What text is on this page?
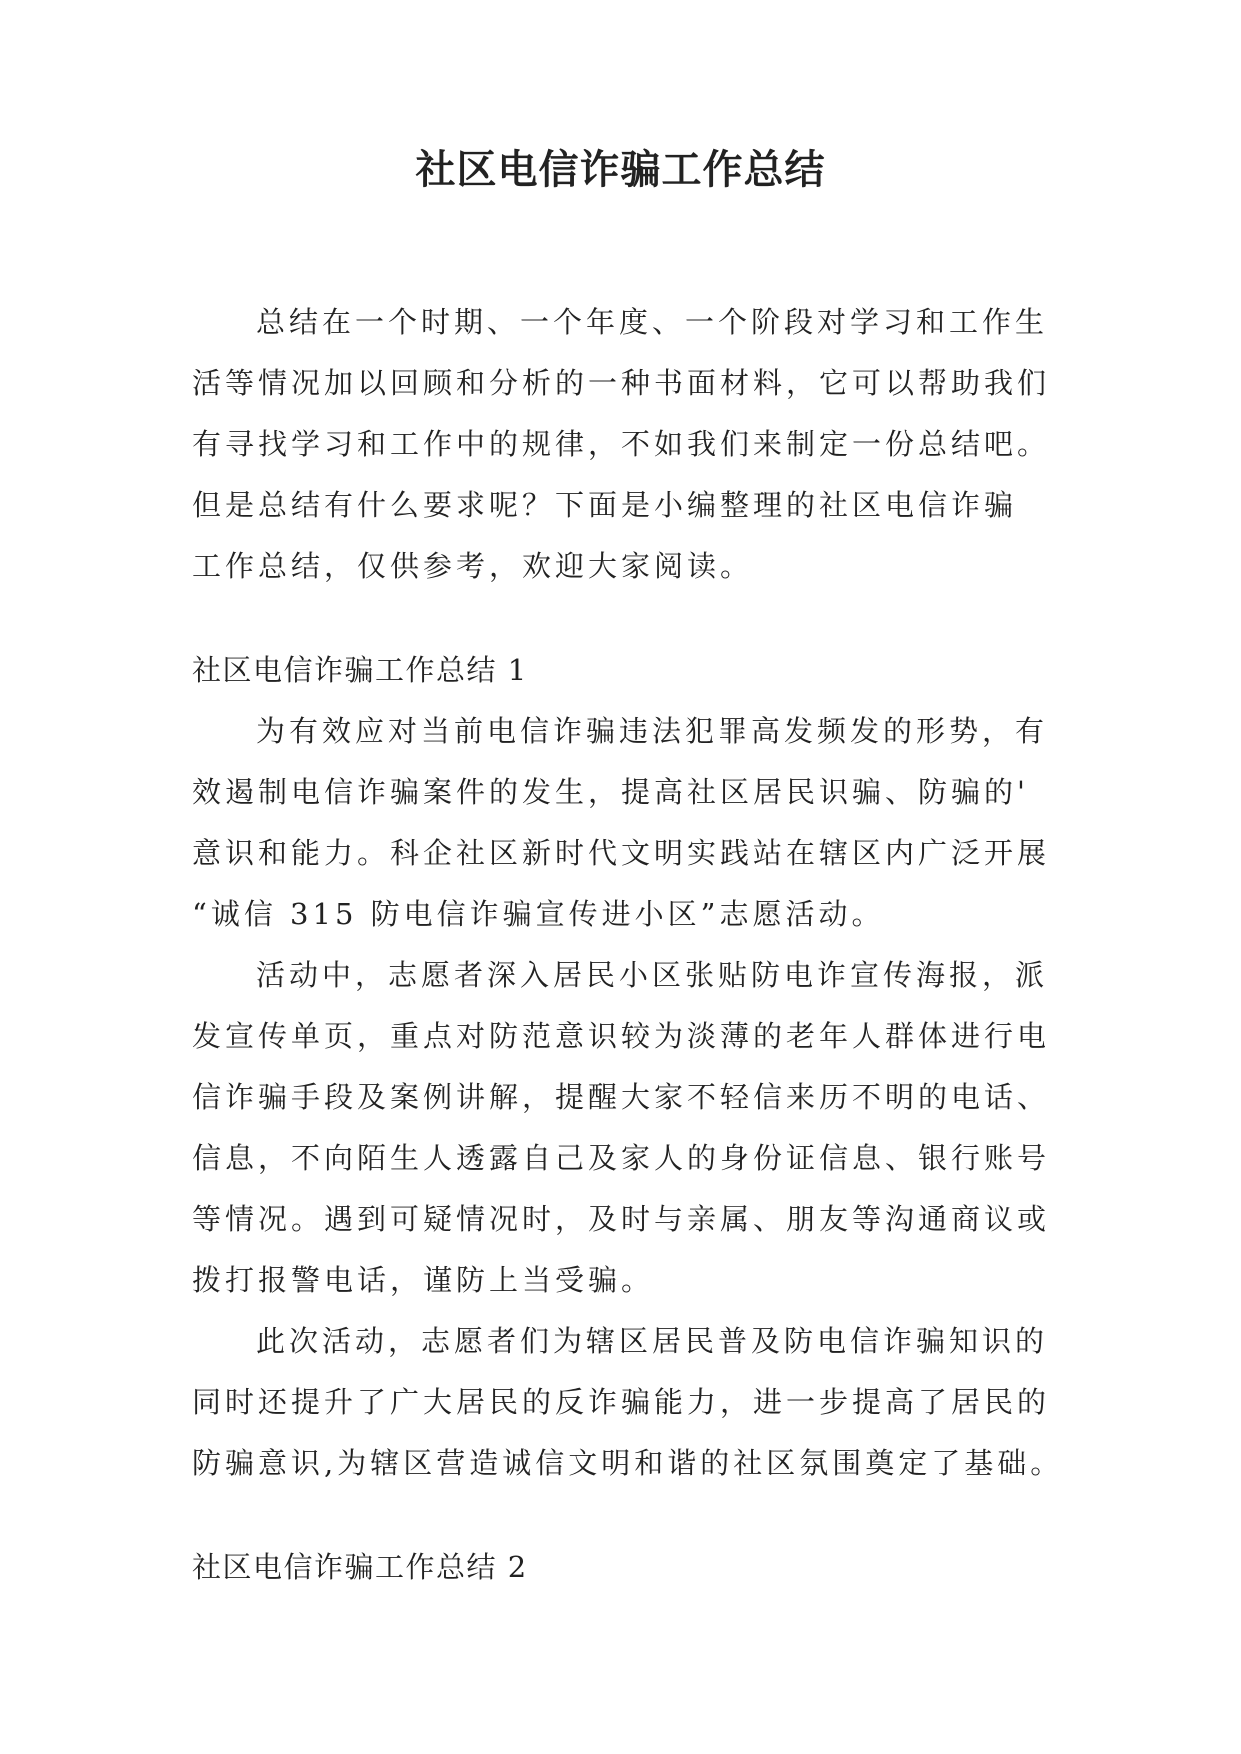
社区电信诈骗工作总结

总结在一个时期、一个年度、一个阶段对学习和工作生

活等情况加以回顾和分析的一种书面材料，它可以帮助我们

有寻找学习和工作中的规律，不如我们来制定一份总结吧。

但是总结有什么要求呢？下面是小编整理的社区电信诈骗

工作总结，仅供参考，欢迎大家阅读。

社区电信诈骗工作总结 1

为有效应对当前电信诈骗违法犯罪高发频发的形势，有

效遏制电信诈骗案件的发生，提高社区居民识骗、防骗的'

意识和能力。科企社区新时代文明实践站在辖区内广泛开展

“诚信 315 防电信诈骗宣传进小区”志愿活动。

活动中，志愿者深入居民小区张贴防电诈宣传海报，派

发宣传单页，重点对防范意识较为淡薄的老年人群体进行电

信诈骗手段及案例讲解，提醒大家不轻信来历不明的电话、

信息，不向陌生人透露自己及家人的身份证信息、银行账号

等情况。遇到可疑情况时，及时与亲属、朋友等沟通商议或

拨打报警电话，谨防上当受骗。

此次活动，志愿者们为辖区居民普及防电信诈骗知识的

同时还提升了广大居民的反诈骗能力，进一步提高了居民的

防骗意识,为辖区营造诚信文明和谐的社区氛围奠定了基础。

社区电信诈骗工作总结 2
